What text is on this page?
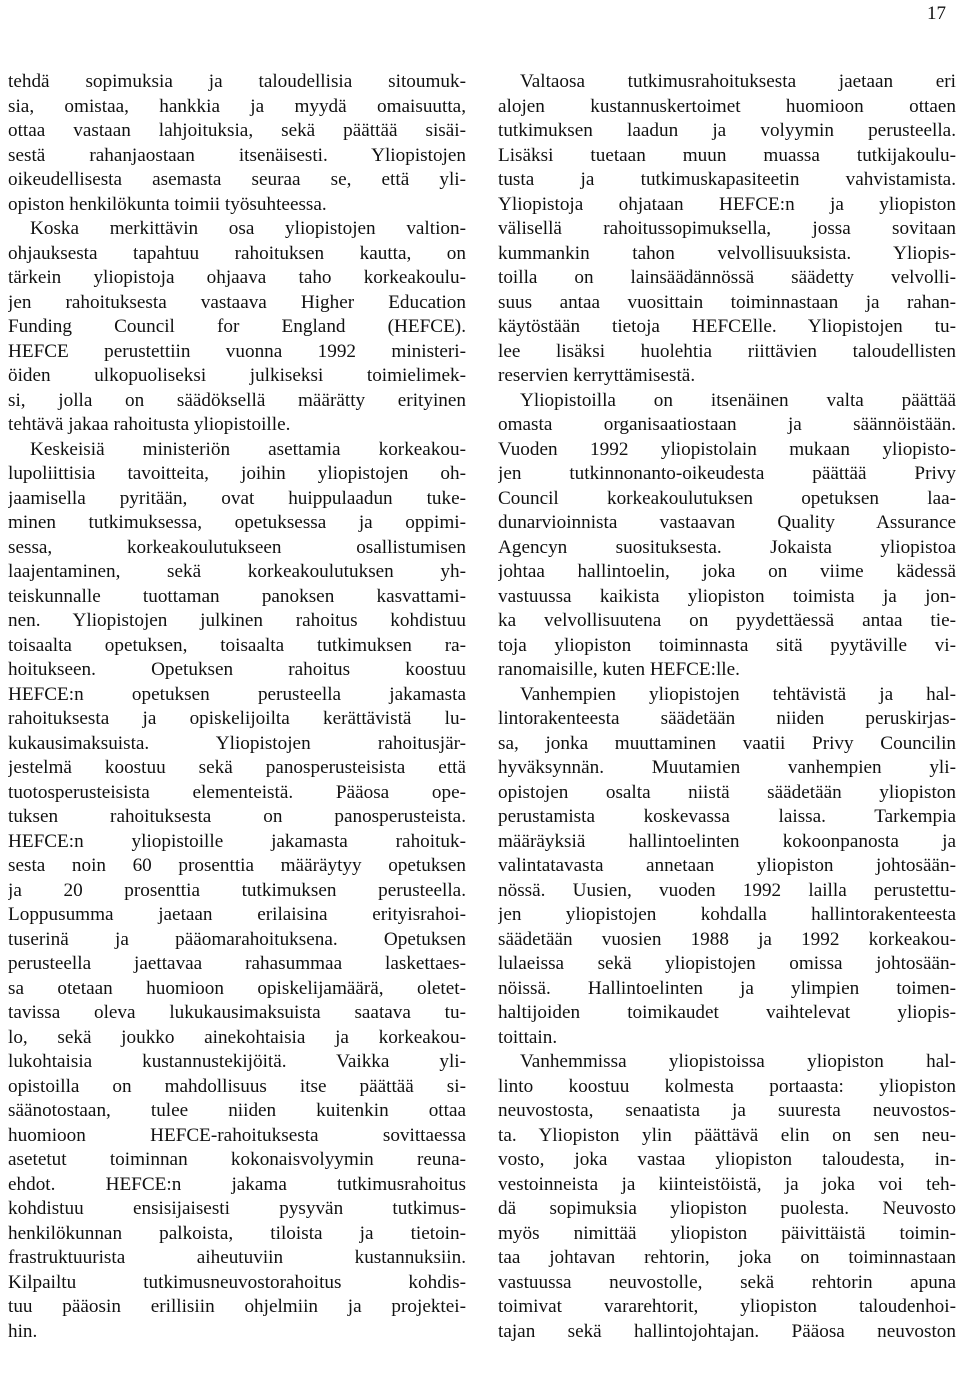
17
tehdä sopimuksia ja taloudellisia sitoumuk-
sia, omistaa, hankkia ja myydä omaisuutta,
ottaa vastaan lahjoituksia, sekä päättää sisäi-
sestä rahanjaostaan itsenäisesti. Yliopistojen
oikeudellisesta asemasta seuraa se, että yli-
opiston henkilökunta toimii työsuhteessa.
Koska merkittävin osa yliopistojen valtion-
ohjauksesta tapahtuu rahoituksen kautta, on
tärkein yliopistoja ohjaava taho korkeakoulu-
jen rahoituksesta vastaava Higher Education
Funding Council for England (HEFCE).
HEFCE perustettiin vuonna 1992 ministeri-
öiden ulkopuoliseksi julkiseksi toimielimek-
si, jolla on säädöksellä määrätty erityinen
tehtävä jakaa rahoitusta yliopistoille.
Keskeisiä ministeriön asettamia korkeakou-
lupoliittisia tavoitteita, joihin yliopistojen oh-
jaamisella pyritään, ovat huippulaadun tuke-
minen tutkimuksessa, opetuksessa ja oppimi-
sessa, korkeakoulutukseen osallistumisen
laajentaminen, sekä korkeakoulutuksen yh-
teiskunnalle tuottaman panoksen kasvattami-
nen. Yliopistojen julkinen rahoitus kohdistuu
toisaalta opetuksen, toisaalta tutkimuksen ra-
hoitukseen. Opetuksen rahoitus koostuu
HEFCE:n opetuksen perusteella jakamasta
rahoituksesta ja opiskelijoilta kerättävistä lu-
kukausimaksuista. Yliopistojen rahoitusjär-
jestelmä koostuu sekä panosperusteisista että
tuotosperusteisista elementeistä. Pääosa ope-
tuksen rahoituksesta on panosperusteista.
HEFCE:n yliopistoille jakamasta rahoituk-
sesta noin 60 prosenttia määräytyy opetuksen
ja 20 prosenttia tutkimuksen perusteella.
Loppusumma jaetaan erilaisina erityisrahoi-
tuserinä ja pääomarahoituksena. Opetuksen
perusteella jaettavaa rahasummaa laskettaes-
sa otetaan huomioon opiskelijamäärä, oletet-
tavissa oleva lukukausimaksuista saatava tu-
lo, sekä joukko ainekohtaisia ja korkeakou-
lukohtaisia kustannustekijöitä. Vaikka yli-
opistoilla on mahdollisuus itse päättää si-
säänotostaan, tulee niiden kuitenkin ottaa
huomioon HEFCE-rahoituksesta sovittaessa
asetetut toiminnan kokonaisvolyymin reuna-
ehdot. HEFCE:n jakama tutkimusrahoitus
kohdistuu ensisijaisesti pysyvän tutkimus-
henkilökunnan palkoista, tiloista ja tietoin-
frastruktuurista aiheutuviin kustannuksiin.
Kilpailtu tutkimusneuvostorahoitus kohdis-
tuu pääosin erillisiin ohjelmiin ja projektei-
hin.
Valtaosa tutkimusrahoituksesta jaetaan eri
alojen kustannuskertoimet huomioon ottaen
tutkimuksen laadun ja volyymin perusteella.
Lisäksi tuetaan muun muassa tutkijakoulu-
tusta ja tutkimuskapasiteetin vahvistamista.
Yliopistoja ohjataan HEFCE:n ja yliopiston
välisellä rahoitussopimuksella, jossa sovitaan
kummankin tahon velvollisuuksista. Yliopis-
toilla on lainsäädännössä säädetty velvolli-
suus antaa vuosittain toiminnastaan ja rahan-
käytöstään tietoja HEFCElle. Yliopistojen tu-
lee lisäksi huolehtia riittävien taloudellisten
reservien kerryttämisestä.
Yliopistoilla on itsenäinen valta päättää
omasta organisaatiostaan ja säännöistään.
Vuoden 1992 yliopistolain mukaan yliopisto-
jen tutkinnonanto-oikeudesta päättää Privy
Council korkeakoulutuksen opetuksen laa-
dunarvioinnista vastaavan Quality Assurance
Agencyn suosituksesta. Jokaista yliopistoa
johtaa hallintoelin, joka on viime kädessä
vastuussa kaikista yliopiston toimista ja jon-
ka velvollisuutena on pyydettäessä antaa tie-
toja yliopiston toiminnasta sitä pyytäville vi-
ranomaisille, kuten HEFCE:lle.
Vanhempien yliopistojen tehtävistä ja hal-
lintorakenteesta säädetään niiden peruskirjas-
sa, jonka muuttaminen vaatii Privy Councilin
hyväksynnän. Muutamien vanhempien yli-
opistojen osalta niistä säädetään yliopiston
perustamista koskevassa laissa. Tarkempia
määräyksiä hallintoelinten kokoonpanosta ja
valintatavasta annetaan yliopiston johtosään-
nössä. Uusien, vuoden 1992 lailla perustettu-
jen yliopistojen kohdalla hallintorakenteesta
säädetään vuosien 1988 ja 1992 korkeakou-
lulaeissa sekä yliopistojen omissa johtosään-
nöissä. Hallintoelinten ja ylimpien toimen-
haltijoiden toimikaudet vaihtelevat yliopis-
toittain.
Vanhemmissa yliopistoissa yliopiston hal-
linto koostuu kolmesta portaasta: yliopiston
neuvostosta, senaatista ja suuresta neuvostos-
ta. Yliopiston ylin päättävä elin on sen neu-
vosto, joka vastaa yliopiston taloudesta, in-
vestoinneista ja kiinteistöistä, ja joka voi teh-
dä sopimuksia yliopiston puolesta. Neuvosto
myös nimittää yliopiston päivittäistä toimin-
taa johtavan rehtorin, joka on toiminnastaan
vastuussa neuvostolle, sekä rehtorin apuna
toimivat vararehtorit, yliopiston taloudenhoi-
tajan sekä hallintojohtajan. Pääosa neuvoston
